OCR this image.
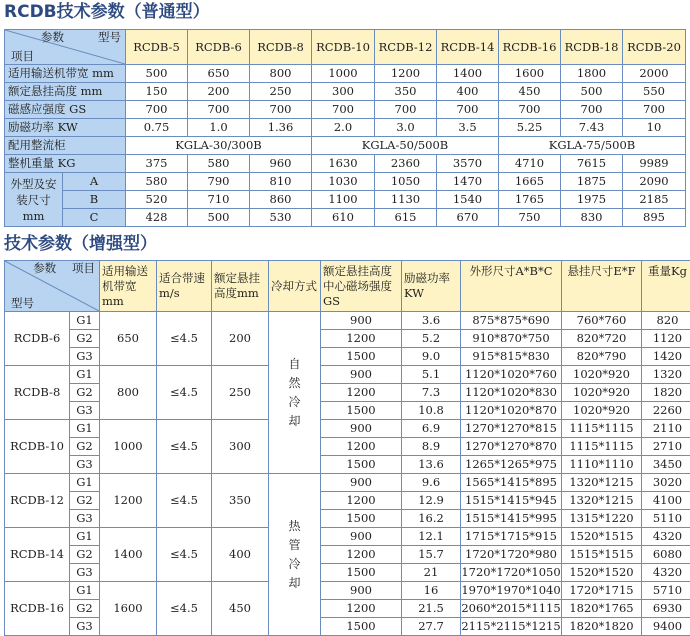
RCDB技术参数（普通型）
参数 型号
项目		RCDB-5	RCDB-6	RCDB-8	RCDB-10	RCDB-12	RCDB-14	RCDB-16	RCDB-18	RCDB-20
适用输送机带宽 mm		500	650	800	1000	1200	1400	1600	1800	2000
额定悬挂高度 mm		150	200	250	300	350	400	450	500	550
磁感应强度 GS		700	700	700	700	700	700	700	700	700
励磁功率 KW		0.75	1.0	1.36	2.0	3.0	3.5	5.25	7.43	10
配用整流柜		KGLA-30/300B			KGLA-50/500B			KGLA-75/500B		
整机重量 KG		375	580	960	1630	2360	3570	4710	7615	9989
外型及安装尺寸 mm	A	580	790	810	1030	1050	1470	1665	1875	2090
	B	520	710	860	1100	1130	1540	1765	1975	2185
	C	428	500	530	610	615	670	750	830	895
技术参数（增强型）
参数 项目
型号		适用输送机带宽mm	适合带速m/s	额定悬挂高度mm	冷却方式	额定悬挂高度中心磁场强度GS	励磁功率KW	外形尺寸A*B*C	悬挂尺寸E*F	重量Kg
RCDB-6	G1	650	≤4.5	200	自然冷却	900	3.6	875*875*690	760*760	820
	G2					1200	5.2	910*870*750	820*720	1120
	G3					1500	9.0	915*815*830	820*790	1420
RCDB-8	G1	800	≤4.5	250		900	5.1	1120*1020*760	1020*920	1320
	G2					1200	7.3	1120*1020*830	1020*920	1820
	G3					1500	10.8	1120*1020*870	1020*920	2260
RCDB-10	G1	1000	≤4.5	300		900	6.9	1270*1270*815	1115*1115	2110
	G2					1200	8.9	1270*1270*870	1115*1115	2710
	G3					1500	13.6	1265*1265*975	1110*1110	3450
RCDB-12	G1	1200	≤4.5	350	热管冷却	900	9.6	1565*1415*895	1320*1215	3020
	G2					1200	12.9	1515*1415*945	1320*1215	4100
	G3					1500	16.2	1515*1415*995	1315*1220	5110
RCDB-14	G1	1400	≤4.5	400		900	12.1	1715*1715*915	1520*1515	4320
	G2					1200	15.7	1720*1720*980	1515*1515	6080
	G3					1500	21	1720*1720*1050	1520*1520	4320
RCDB-16	G1	1600	≤4.5	450		900	16	1970*1970*1040	1720*1715	5710
	G2					1200	21.5	2060*2015*1115	1820*1765	6930
	G3					1500	27.7	2115*2115*1215	1820*1820	9400
